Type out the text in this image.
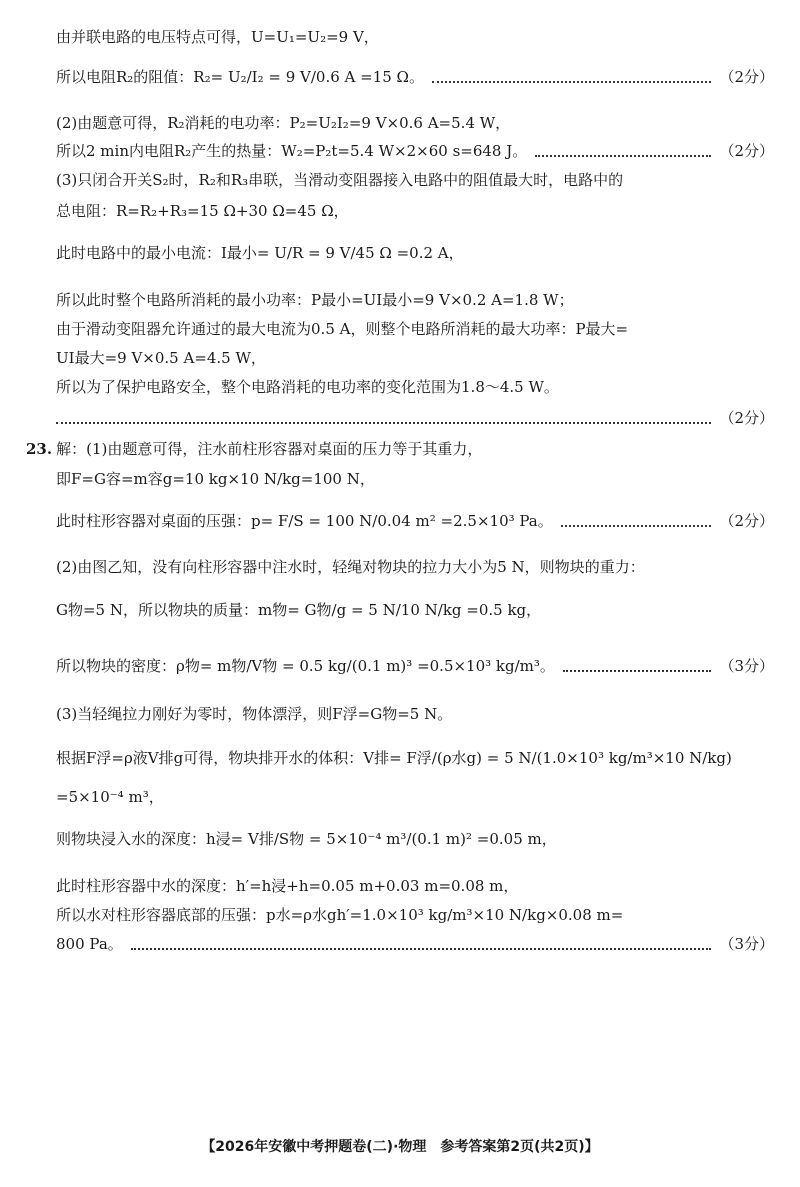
由并联电路的电压特点可得，U=U₁=U₂=9 V，
所以电阻R₂的阻值：R₂= U₂/I₂ = 9 V/0.6 A =15 Ω。	（2分）
(2)由题意可得，R₂消耗的电功率：P₂=U₂I₂=9 V×0.6 A=5.4 W，
所以2 min内电阻R₂产生的热量：W₂=P₂t=5.4 W×2×60 s=648 J。	（2分）
(3)只闭合开关S₂时，R₂和R₃串联，当滑动变阻器接入电路中的阻值最大时，电路中的
总电阻：R=R₂+R₃=15 Ω+30 Ω=45 Ω，
此时电路中的最小电流：I最小= U/R = 9 V/45 Ω =0.2 A，
所以此时整个电路所消耗的最小功率：P最小=UI最小=9 V×0.2 A=1.8 W；
由于滑动变阻器允许通过的最大电流为0.5 A，则整个电路所消耗的最大功率：P最大=
UI最大=9 V×0.5 A=4.5 W，
所以为了保护电路安全，整个电路消耗的电功率的变化范围为1.8～4.5 W。
（2分）
23. 解：(1)由题意可得，注水前柱形容器对桌面的压力等于其重力，
即F=G容=m容g=10 kg×10 N/kg=100 N，
此时柱形容器对桌面的压强：p= F/S = 100 N/0.04 m² =2.5×10³ Pa。	（2分）
(2)由图乙知，没有向柱形容器中注水时，轻绳对物块的拉力大小为5 N，则物块的重力：
G物=5 N，所以物块的质量：m物= G物/g = 5 N/10 N/kg =0.5 kg，
所以物块的密度：ρ物= m物/V物 = 0.5 kg/(0.1 m)³ =0.5×10³ kg/m³。	（3分）
(3)当轻绳拉力刚好为零时，物体漂浮，则F浮=G物=5 N。
根据F浮=ρ液V排g可得，物块排开水的体积：V排= F浮/(ρ水g) = 5 N/(1.0×10³ kg/m³×10 N/kg)
=5×10⁻⁴ m³，
则物块浸入水的深度：h浸= V排/S物 = 5×10⁻⁴ m³/(0.1 m)² =0.05 m，
此时柱形容器中水的深度：h′=h浸+h=0.05 m+0.03 m=0.08 m，
所以水对柱形容器底部的压强：p水=ρ水gh′=1.0×10³ kg/m³×10 N/kg×0.08 m=
800 Pa。	（3分）
【2026年安徽中考押题卷(二)·物理　参考答案第2页(共2页)】
